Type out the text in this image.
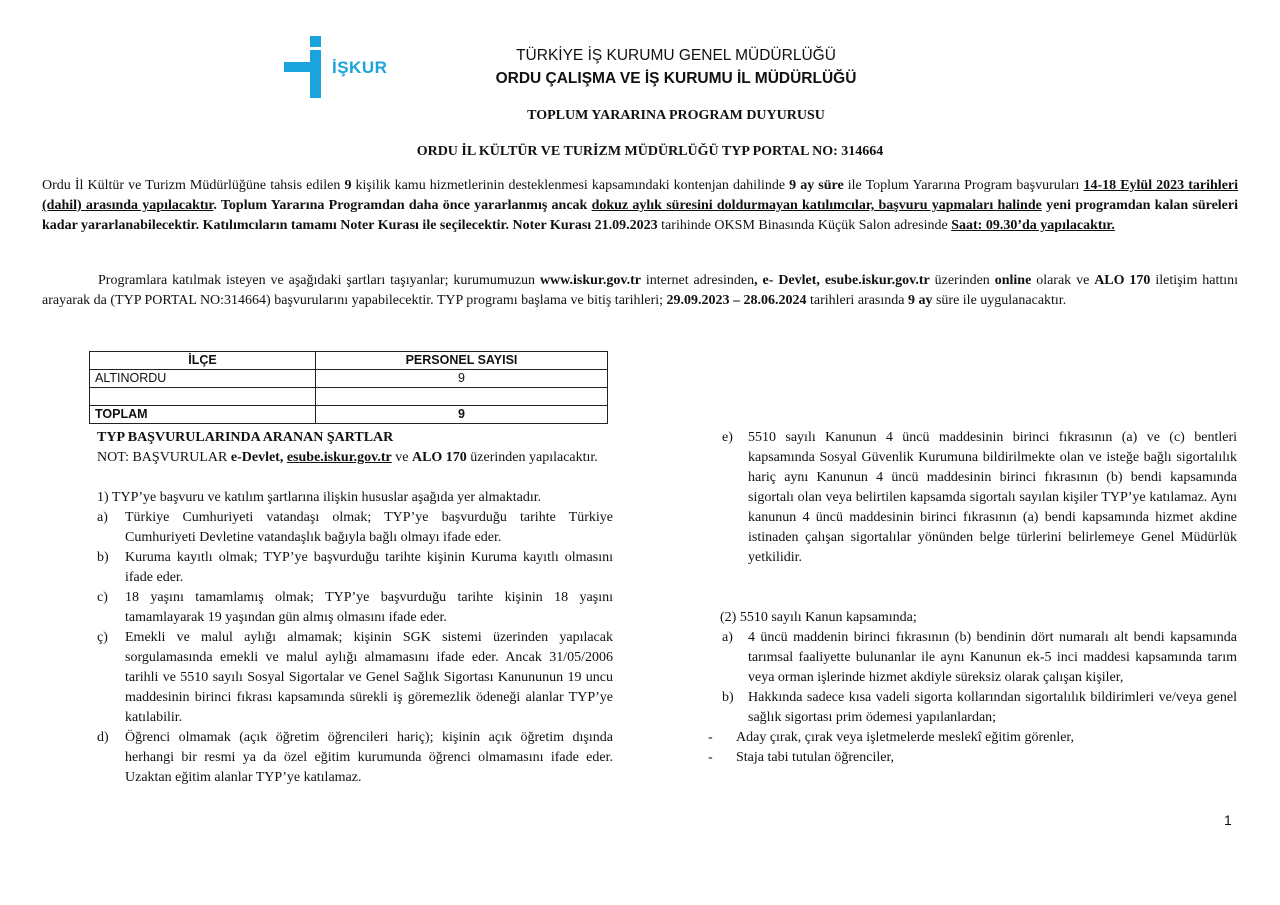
İŞKUR
TÜRKİYE İŞ KURUMU GENEL MÜDÜRLÜĞÜ
ORDU ÇALIŞMA VE İŞ KURUMU İL MÜDÜRLÜĞÜ
TOPLUM YARARINA PROGRAM DUYURUSU
ORDU İL KÜLTÜR VE TURİZM MÜDÜRLÜĞÜ TYP PORTAL NO: 314664
Ordu İl Kültür ve Turizm Müdürlüğüne tahsis edilen 9 kişilik kamu hizmetlerinin desteklenmesi kapsamındaki kontenjan dahilinde 9 ay süre ile Toplum Yararına Program başvuruları 14-18 Eylül 2023 tarihleri (dahil) arasında yapılacaktır. Toplum Yararına Programdan daha önce yararlanmış ancak dokuz aylık süresini doldurmayan katılımcılar, başvuru yapmaları halinde yeni programdan kalan süreleri kadar yararlanabilecektir. Katılımcıların tamamı Noter Kurası ile seçilecektir. Noter Kurası 21.09.2023 tarihinde OKSM Binasında Küçük Salon adresinde Saat: 09.30’da yapılacaktır.
Programlara katılmak isteyen ve aşağıdaki şartları taşıyanlar; kurumumuzun www.iskur.gov.tr internet adresinden, e- Devlet, esube.iskur.gov.tr üzerinden online olarak ve ALO 170 iletişim hattını arayarak da (TYP PORTAL NO:314664) başvurularını yapabilecektir. TYP programı başlama ve bitiş tarihleri; 29.09.2023 – 28.06.2024 tarihleri arasında 9 ay süre ile uygulanacaktır.
İLÇE	PERSONEL SAYISI
ALTINORDU	9

TOPLAM	9
TYP BAŞVURULARINDA ARANAN ŞARTLAR
NOT: BAŞVURULAR e-Devlet, esube.iskur.gov.tr ve ALO 170 üzerinden yapılacaktır.
1) TYP’ye başvuru ve katılım şartlarına ilişkin hususlar aşağıda yer almaktadır.
a)	Türkiye Cumhuriyeti vatandaşı olmak; TYP’ye başvurduğu tarihte Türkiye Cumhuriyeti Devletine vatandaşlık bağıyla bağlı olmayı ifade eder.
b)	Kuruma kayıtlı olmak; TYP’ye başvurduğu tarihte kişinin Kuruma kayıtlı olmasını ifade eder.
c)	18 yaşını tamamlamış olmak; TYP’ye başvurduğu tarihte kişinin 18 yaşını tamamlayarak 19 yaşından gün almış olmasını ifade eder.
ç)	Emekli ve malul aylığı almamak; kişinin SGK sistemi üzerinden yapılacak sorgulamasında emekli ve malul aylığı almamasını ifade eder. Ancak 31/05/2006 tarihli ve 5510 sayılı Sosyal Sigortalar ve Genel Sağlık Sigortası Kanununun 19 uncu maddesinin birinci fıkrası kapsamında sürekli iş göremezlik ödeneği alanlar TYP’ye katılabilir.
d)	Öğrenci olmamak (açık öğretim öğrencileri hariç); kişinin açık öğretim dışında herhangi bir resmi ya da özel eğitim kurumunda öğrenci olmamasını ifade eder. Uzaktan eğitim alanlar TYP’ye katılamaz.
e)	5510 sayılı Kanunun 4 üncü maddesinin birinci fıkrasının (a) ve (c) bentleri kapsamında Sosyal Güvenlik Kurumuna bildirilmekte olan ve isteğe bağlı sigortalılık hariç aynı Kanunun 4 üncü maddesinin birinci fıkrasının (b) bendi kapsamında sigortalı olan veya belirtilen kapsamda sigortalı sayılan kişiler TYP’ye katılamaz. Aynı kanunun 4 üncü maddesinin birinci fıkrasının (a) bendi kapsamında hizmet akdine istinaden çalışan sigortalılar yönünden belge türlerini belirlemeye Genel Müdürlük yetkilidir.
(2) 5510 sayılı Kanun kapsamında;
a)	4 üncü maddenin birinci fıkrasının (b) bendinin dört numaralı alt bendi kapsamında tarımsal faaliyette bulunanlar ile aynı Kanunun ek-5 inci maddesi kapsamında tarım veya orman işlerinde hizmet akdiyle süreksiz olarak çalışan kişiler,
b)	Hakkında sadece kısa vadeli sigorta kollarından sigortalılık bildirimleri ve/veya genel sağlık sigortası prim ödemesi yapılanlardan;
-	Aday çırak, çırak veya işletmelerde meslekî eğitim görenler,
-	Staja tabi tutulan öğrenciler,
1
